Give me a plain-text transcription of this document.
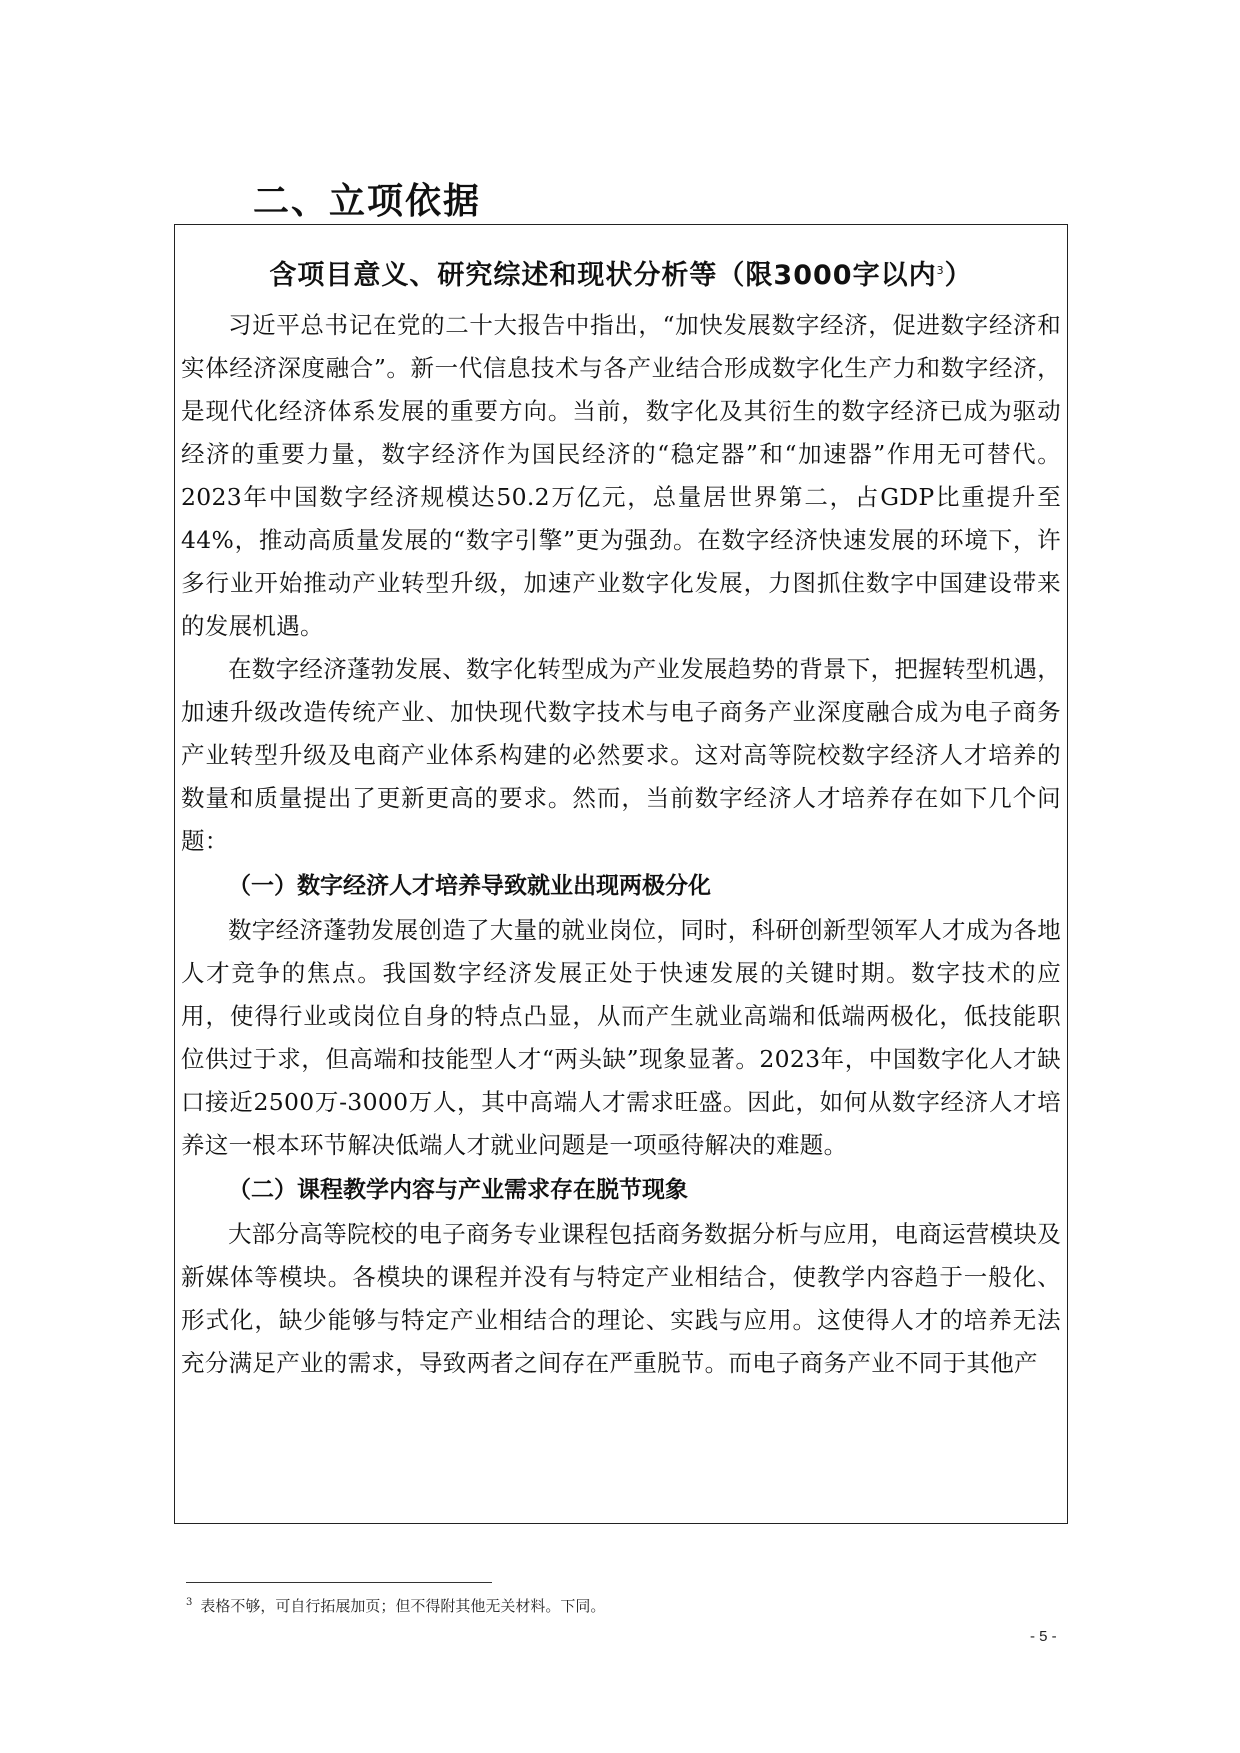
二、立项依据
含项目意义、研究综述和现状分析等（限3000字以内$^3$）

习近平总书记在党的二十大报告中指出，“加快发展数字经济，促进数字经济和实体经济深度融合”。新一代信息技术与各产业结合形成数字化生产力和数字经济，是现代化经济体系发展的重要方向。当前，数字化及其衍生的数字经济已成为驱动经济的重要力量，数字经济作为国民经济的“稳定器”和“加速器”作用无可替代。2023年中国数字经济规模达50.2万亿元，总量居世界第二，占GDP比重提升至44%，推动高质量发展的“数字引擎”更为强劲。在数字经济快速发展的环境下，许多行业开始推动产业转型升级，加速产业数字化发展，力图抓住数字中国建设带来的发展机遇。

在数字经济蓬勃发展、数字化转型成为产业发展趋势的背景下，把握转型机遇，加速升级改造传统产业、加快现代数字技术与电子商务产业深度融合成为电子商务产业转型升级及电商产业体系构建的必然要求。这对高等院校数字经济人才培养的数量和质量提出了更新更高的要求。然而，当前数字经济人才培养存在如下几个问题：

（一）数字经济人才培养导致就业出现两极分化

数字经济蓬勃发展创造了大量的就业岗位，同时，科研创新型领军人才成为各地人才竞争的焦点。我国数字经济发展正处于快速发展的关键时期。数字技术的应用，使得行业或岗位自身的特点凸显，从而产生就业高端和低端两极化，低技能职位供过于求，但高端和技能型人才“两头缺”现象显著。2023年，中国数字化人才缺口接近2500万-3000万人，其中高端人才需求旺盛。因此，如何从数字经济人才培养这一根本环节解决低端人才就业问题是一项亟待解决的难题。

（二）课程教学内容与产业需求存在脱节现象

大部分高等院校的电子商务专业课程包括商务数据分析与应用，电商运营模块及新媒体等模块。各模块的课程并没有与特定产业相结合，使教学内容趋于一般化、形式化，缺少能够与特定产业相结合的理论、实践与应用。这使得人才的培养无法充分满足产业的需求，导致两者之间存在严重脱节。而电子商务产业不同于其他产

$^3$ 表格不够，可自行拓展加页；但不得附其他无关材料。下同。
- 5 -
